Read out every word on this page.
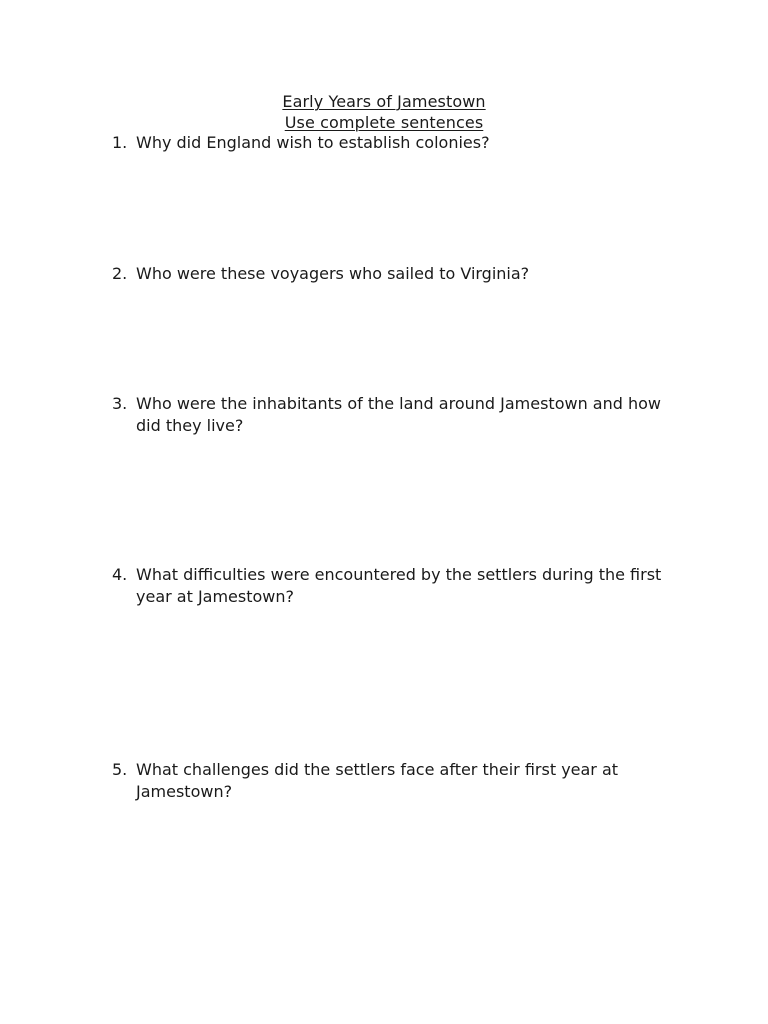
Early Years of Jamestown
Use complete sentences
1. Why did England wish to establish colonies?
2. Who were these voyagers who sailed to Virginia?
3. Who were the inhabitants of the land around Jamestown and how did they live?
4. What difficulties were encountered by the settlers during the first year at Jamestown?
5. What challenges did the settlers face after their first year at Jamestown?
